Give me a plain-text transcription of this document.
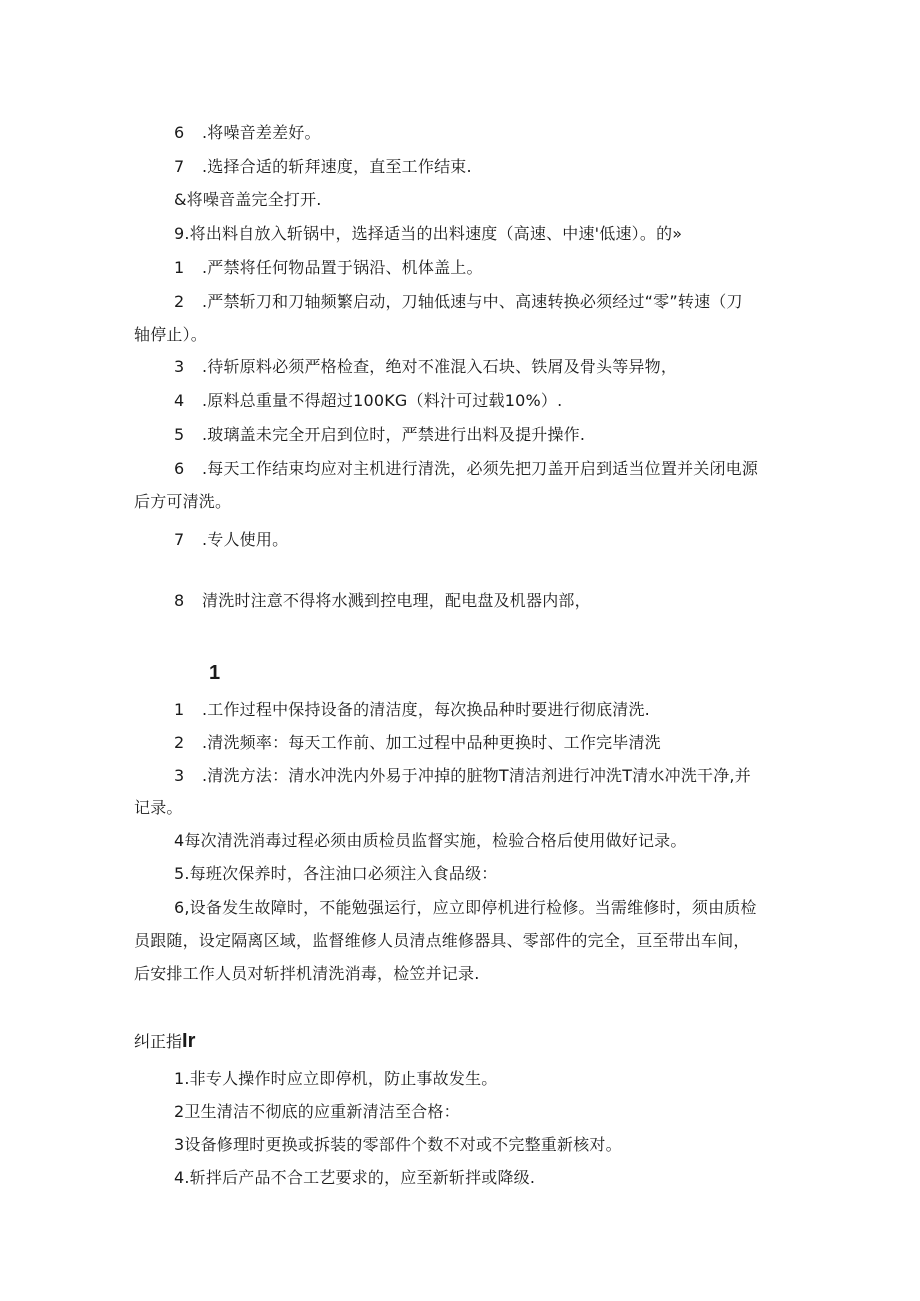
6 .将噪音差差好。
7 .选择合适的斩拜速度，直至工作结束.
&将噪音盖完全打开.
9.将出料自放入斩锅中，选择适当的出料速度（高速、中速'低速）。的»
1 .严禁将任何物品置于锅沿、机体盖上。
2 .严禁斩刀和刀轴频繁启动，刀轴低速与中、高速转换必须经过“零”转速（刀
轴停止）。
3 .待斩原料必须严格检查，绝对不准混入石块、铁屑及骨头等异物，
4 .原料总重量不得超过100KG（料汁可过载10%）.
5 .玻璃盖未完全开启到位时，严禁进行出料及提升操作.
6 .每天工作结束均应对主机进行清洗，必须先把刀盖开启到适当位置并关闭电源
后方可清洗。
7 .专人使用。
8 清洗时注意不得将水溅到控电理，配电盘及机器内部，
1
1 .工作过程中保持设备的清洁度，每次换品种时要进行彻底清洗.
2 .清洗频率：每天工作前、加工过程中品种更换时、工作完毕清洗
3 .清洗方法：清水冲洗内外易于冲掉的脏物T清洁剂进行冲洗T清水冲洗干净,并
记录。
4每次清洗消毒过程必须由质检员监督实施，检验合格后使用做好记录。
5.每班次保养时，各注油口必须注入食品级：
6,设备发生故障时，不能勉强运行，应立即停机进行检修。当需维修时，须由质检
员跟随，设定隔离区域，监督维修人员清点维修器具、零部件的完全，亘至带出车间，
后安排工作人员对斩拌机清洗消毒，检笠并记录.
纠正指Ir
1.非专人操作时应立即停机，防止事故发生。
2卫生清洁不彻底的应重新清洁至合格：
3设备修理时更换或拆装的零部件个数不对或不完整重新核对。
4.斩拌后产品不合工艺要求的，应至新斩拌或降级.
